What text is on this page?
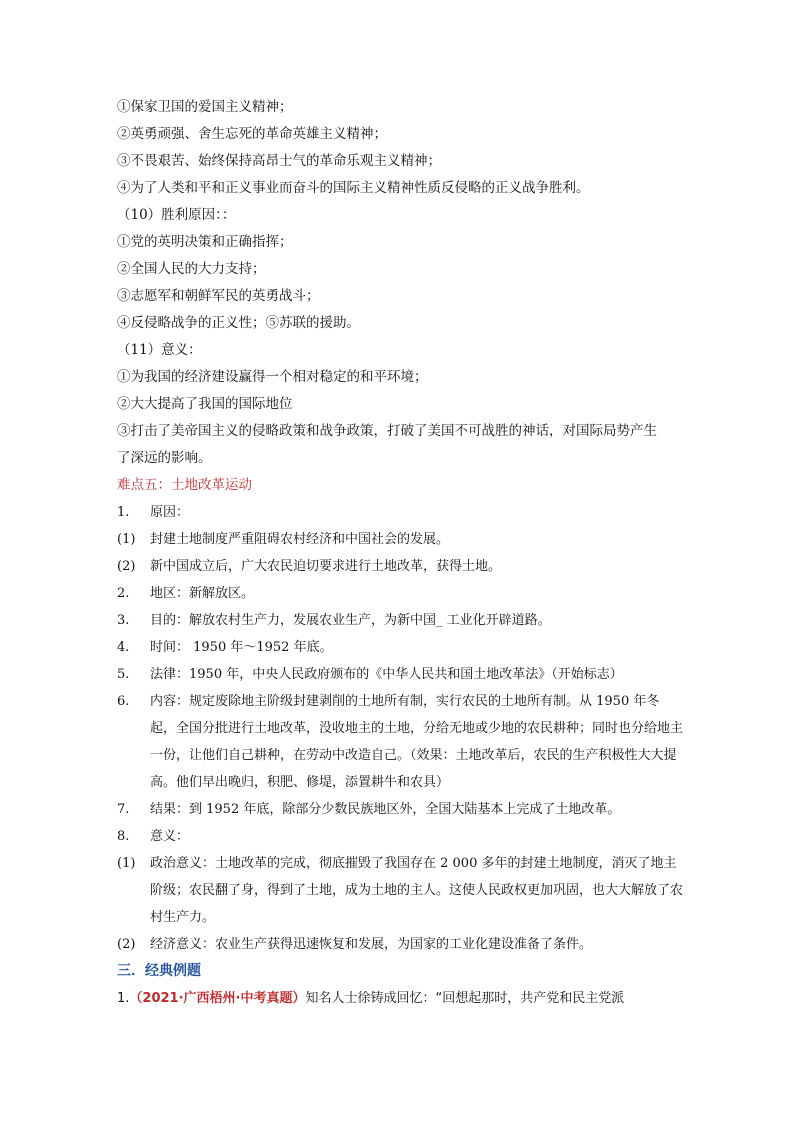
①保家卫国的爱国主义精神；
②英勇顽强、舍生忘死的革命英雄主义精神；
③不畏艰苦、始终保持高昂士气的革命乐观主义精神；
④为了人类和平和正义事业而奋斗的国际主义精神性质反侵略的正义战争胜利。
（10）胜利原因：：
①党的英明决策和正确指挥；
②全国人民的大力支持；
③志愿军和朝鲜军民的英勇战斗；
④反侵略战争的正义性；⑤苏联的援助。
（11）意义：
①为我国的经济建设赢得一个相对稳定的和平环境；
②大大提高了我国的国际地位
③打击了美帝国主义的侵略政策和战争政策，打破了美国不可战胜的神话，对国际局势产生
了深远的影响。
难点五：土地改革运动
1.	原因：
(1)	封建土地制度严重阻碍农村经济和中国社会的发展。
(2)	新中国成立后，广大农民迫切要求进行土地改革，获得土地。
2.	地区：新解放区。
3.	目的：解放农村生产力，发展农业生产，为新中国_ 工业化开辟道路。
4.	时间： 1950 年～1952 年底。
5.	法律：1950 年，中央人民政府颁布的《中华人民共和国土地改革法》（开始标志）
6.	内容：规定废除地主阶级封建剥削的土地所有制，实行农民的土地所有制。从 1950 年冬起，全国分批进行土地改革，没收地主的土地，分给无地或少地的农民耕种；同时也分给地主一份，让他们自己耕种，在劳动中改造自己。（效果：土地改革后，农民的生产积极性大大提高。他们早出晚归，积肥、修堤，添置耕牛和农具）
7.	结果：到 1952 年底，除部分少数民族地区外，全国大陆基本上完成了土地改革。
8.	意义：
(1)	政治意义：土地改革的完成，彻底摧毁了我国存在 2 000 多年的封建土地制度，消灭了地主阶级；农民翻了身，得到了土地，成为土地的主人。这使人民政权更加巩固，也大大解放了农村生产力。
(2)	经济意义：农业生产获得迅速恢复和发展，为国家的工业化建设准备了条件。
三．经典例题
1.（2021·广西梧州·中考真题）知名人士徐铸成回忆：“回想起那时，共产党和民主党派
